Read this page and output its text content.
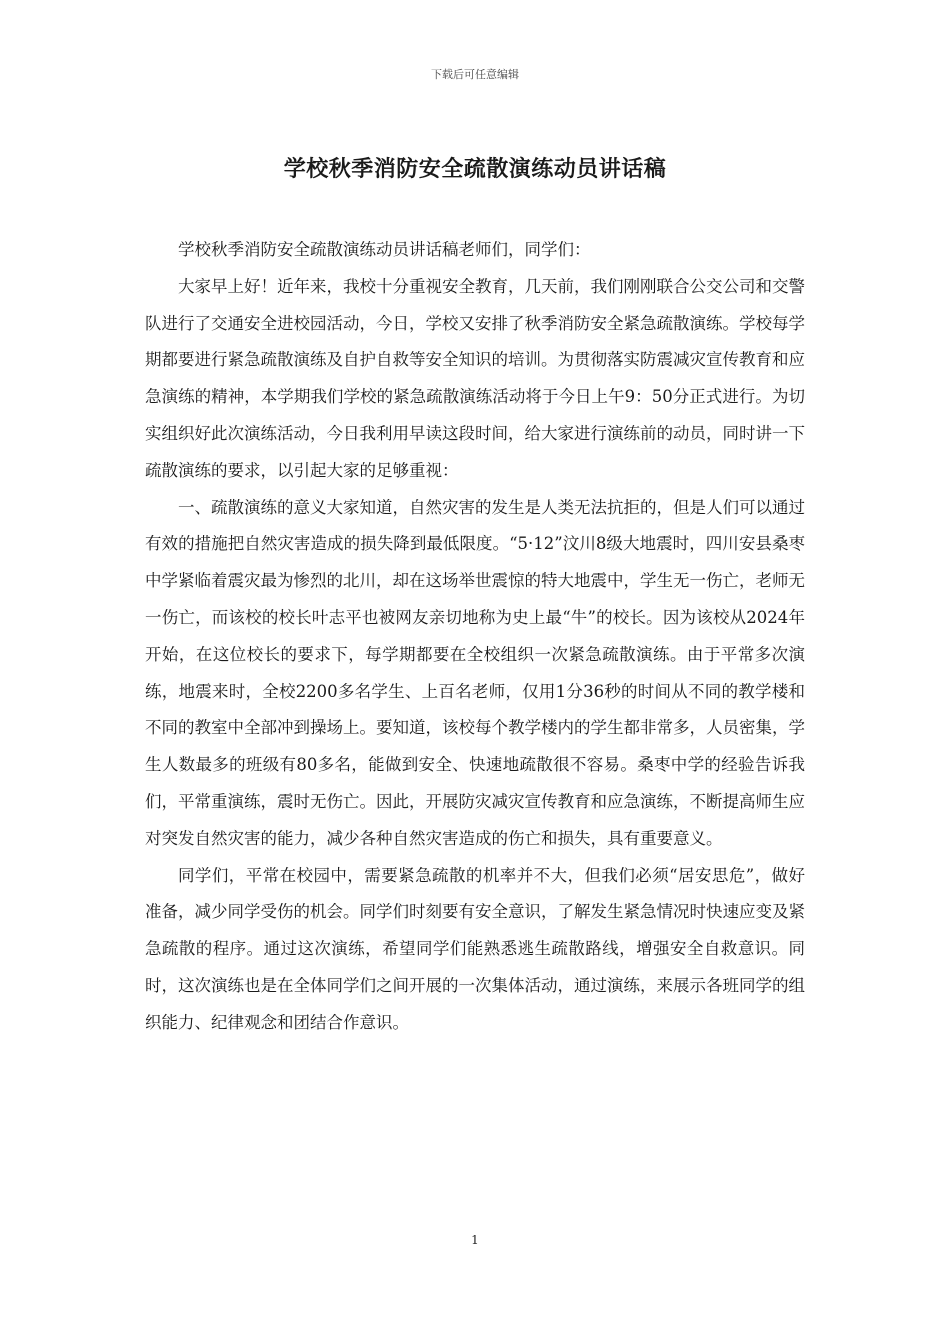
下载后可任意编辑
学校秋季消防安全疏散演练动员讲话稿

学校秋季消防安全疏散演练动员讲话稿老师们，同学们：

大家早上好！近年来，我校十分重视安全教育，几天前，我们刚刚联合公交公司和交警队进行了交通安全进校园活动，今日，学校又安排了秋季消防安全紧急疏散演练。学校每学期都要进行紧急疏散演练及自护自救等安全知识的培训。为贯彻落实防震减灾宣传教育和应急演练的精神，本学期我们学校的紧急疏散演练活动将于今日上午9：50分正式进行。为切实组织好此次演练活动，今日我利用早读这段时间，给大家进行演练前的动员，同时讲一下疏散演练的要求，以引起大家的足够重视：

一、疏散演练的意义大家知道，自然灾害的发生是人类无法抗拒的，但是人们可以通过有效的措施把自然灾害造成的损失降到最低限度。“5·12”汶川8级大地震时，四川安县桑枣中学紧临着震灾最为惨烈的北川，却在这场举世震惊的特大地震中，学生无一伤亡，老师无一伤亡，而该校的校长叶志平也被网友亲切地称为史上最“牛”的校长。因为该校从2024年开始，在这位校长的要求下，每学期都要在全校组织一次紧急疏散演练。由于平常多次演练，地震来时，全校2200多名学生、上百名老师，仅用1分36秒的时间从不同的教学楼和不同的教室中全部冲到操场上。要知道，该校每个教学楼内的学生都非常多，人员密集，学生人数最多的班级有80多名，能做到安全、快速地疏散很不容易。桑枣中学的经验告诉我们，平常重演练，震时无伤亡。因此，开展防灾减灾宣传教育和应急演练，不断提高师生应对突发自然灾害的能力，减少各种自然灾害造成的伤亡和损失，具有重要意义。

同学们，平常在校园中，需要紧急疏散的机率并不大，但我们必须“居安思危”，做好准备，减少同学受伤的机会。同学们时刻要有安全意识，了解发生紧急情况时快速应变及紧急疏散的程序。通过这次演练，希望同学们能熟悉逃生疏散路线，增强安全自救意识。同时，这次演练也是在全体同学们之间开展的一次集体活动，通过演练，来展示各班同学的组织能力、纪律观念和团结合作意识。

1
